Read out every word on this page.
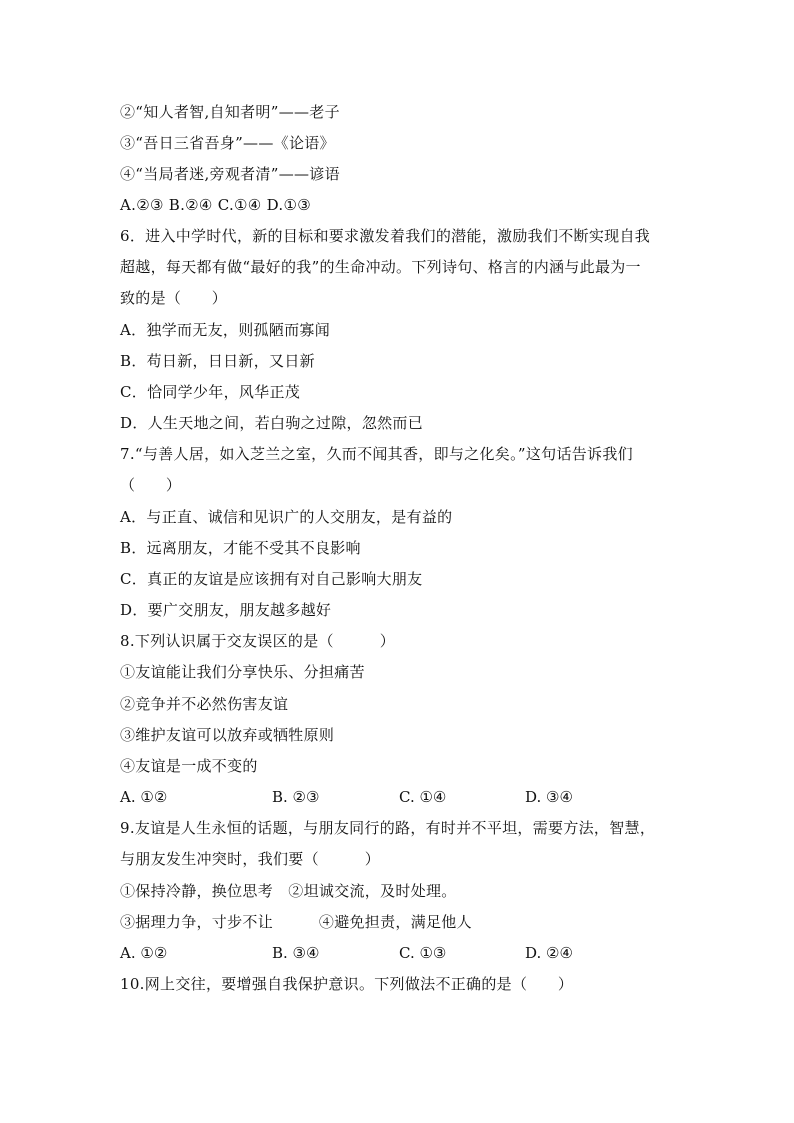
②“知人者智,自知者明”——老子
③“吾日三省吾身”——《论语》
④“当局者迷,旁观者清”——谚语
A.②③ B.②④ C.①④ D.①③
6．进入中学时代，新的目标和要求激发着我们的潜能，激励我们不断实现自我
超越，每天都有做“最好的我”的生命冲动。下列诗句、格言的内涵与此最为一
致的是（　　）
A．独学而无友，则孤陋而寡闻
B．苟日新，日日新，又日新
C．恰同学少年，风华正茂
D．人生天地之间，若白驹之过隙，忽然而已
7.“与善人居，如入芝兰之室，久而不闻其香，即与之化矣。”这句话告诉我们
（　　）
A．与正直、诚信和见识广的人交朋友，是有益的
B．远离朋友，才能不受其不良影响
C．真正的友谊是应该拥有对自己影响大朋友
D．要广交朋友，朋友越多越好
8.下列认识属于交友误区的是（　　　）
①友谊能让我们分享快乐、分担痛苦
②竞争并不必然伤害友谊
③维护友谊可以放弃或牺牲原则
④友谊是一成不变的
A. ①②	B. ②③	C. ①④	D. ③④
9.友谊是人生永恒的话题，与朋友同行的路，有时并不平坦，需要方法，智慧，
与朋友发生冲突时，我们要（　　　）
①保持冷静，换位思考　②坦诚交流，及时处理。
③据理力争，寸步不让　　　④避免担责，满足他人
A. ①②	B. ③④	C. ①③	D. ②④
10.网上交往，要增强自我保护意识。下列做法不正确的是（　　）
